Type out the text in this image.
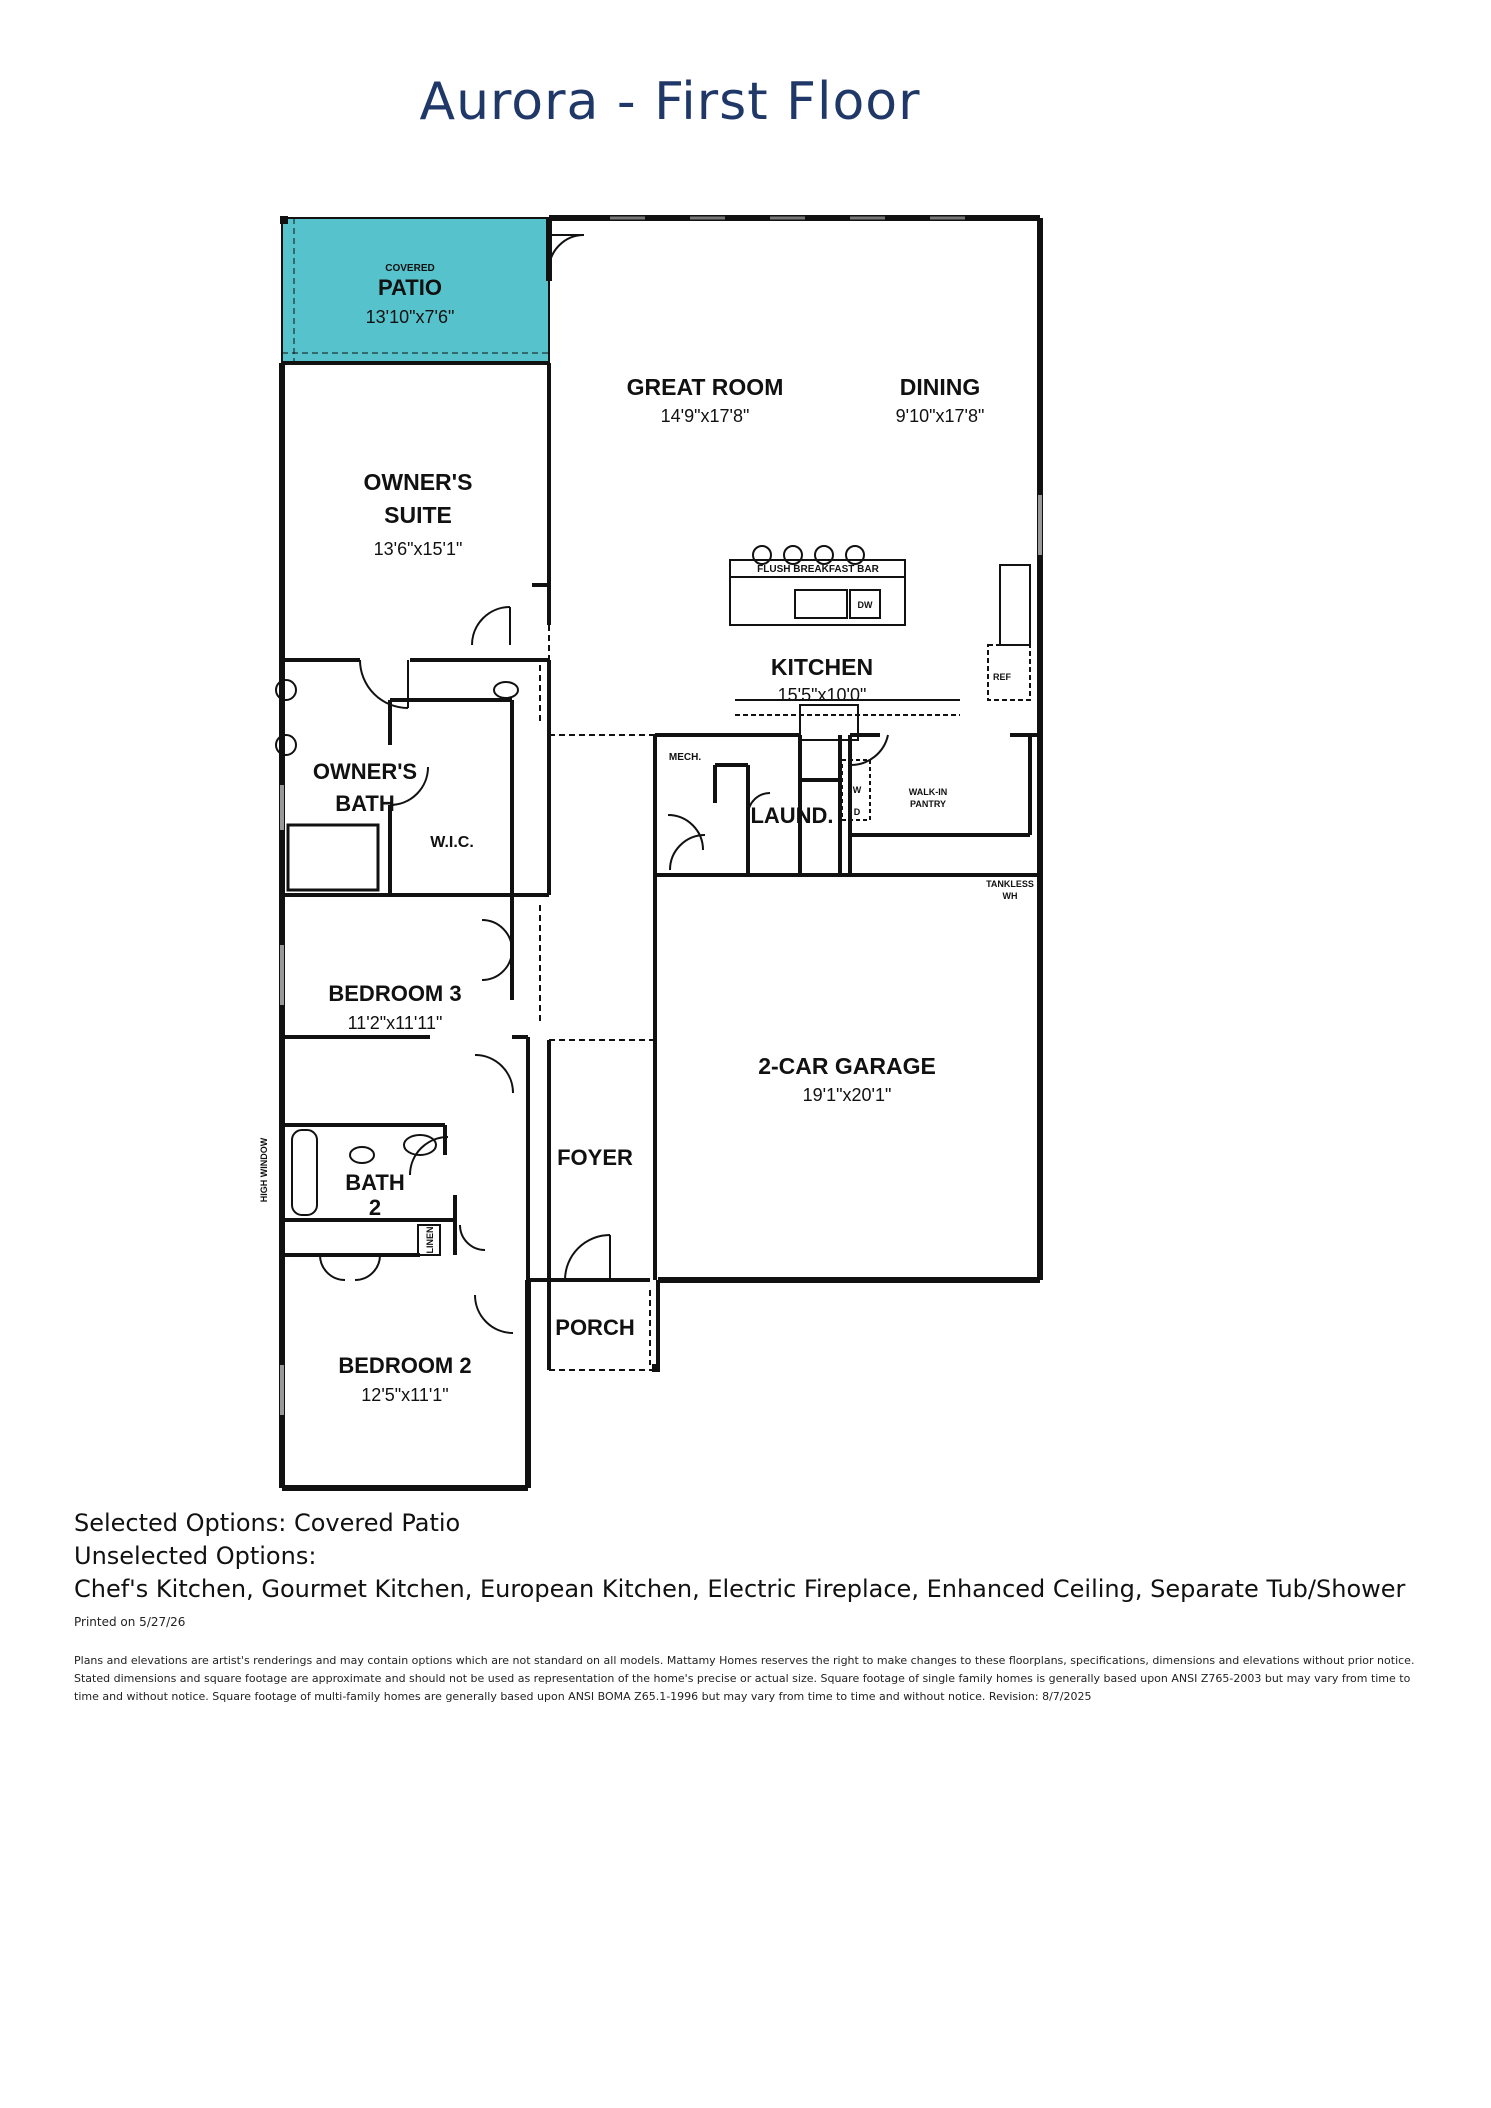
Aurora - First Floor
COVERED
PATIO
13'10"x7'6"
GREAT ROOM
14'9"x17'8"
DINING
9'10"x17'8"
OWNER'S
SUITE
13'6"x15'1"
FLUSH BREAKFAST BAR
DW
REF
KITCHEN
15'5"x10'0"
OWNER'S
BATH
W.I.C.
MECH.
LAUND.
W
D
WALK-IN
PANTRY
TANKLESS
WH
BEDROOM 3
11'2"x11'11"
2-CAR GARAGE
19'1"x20'1"
HIGH WINDOW	BATH
2
FOYER
LINEN
PORCH
BEDROOM 2
12'5"x11'1"
Selected Options: Covered Patio
Unselected Options:
Chef's Kitchen, Gourmet Kitchen, European Kitchen, Electric Fireplace, Enhanced Ceiling, Separate Tub/Shower
Printed on 5/27/26
Plans and elevations are artist's renderings and may contain options which are not standard on all models. Mattamy Homes reserves the right to make changes to these floorplans, specifications, dimensions and elevations without prior notice. Stated dimensions and square footage are approximate and should not be used as representation of the home's precise or actual size. Square footage of single family homes is generally based upon ANSI Z765-2003 but may vary from time to time and without notice. Square footage of multi-family homes are generally based upon ANSI BOMA Z65.1-1996 but may vary from time to time and without notice. Revision: 8/7/2025
